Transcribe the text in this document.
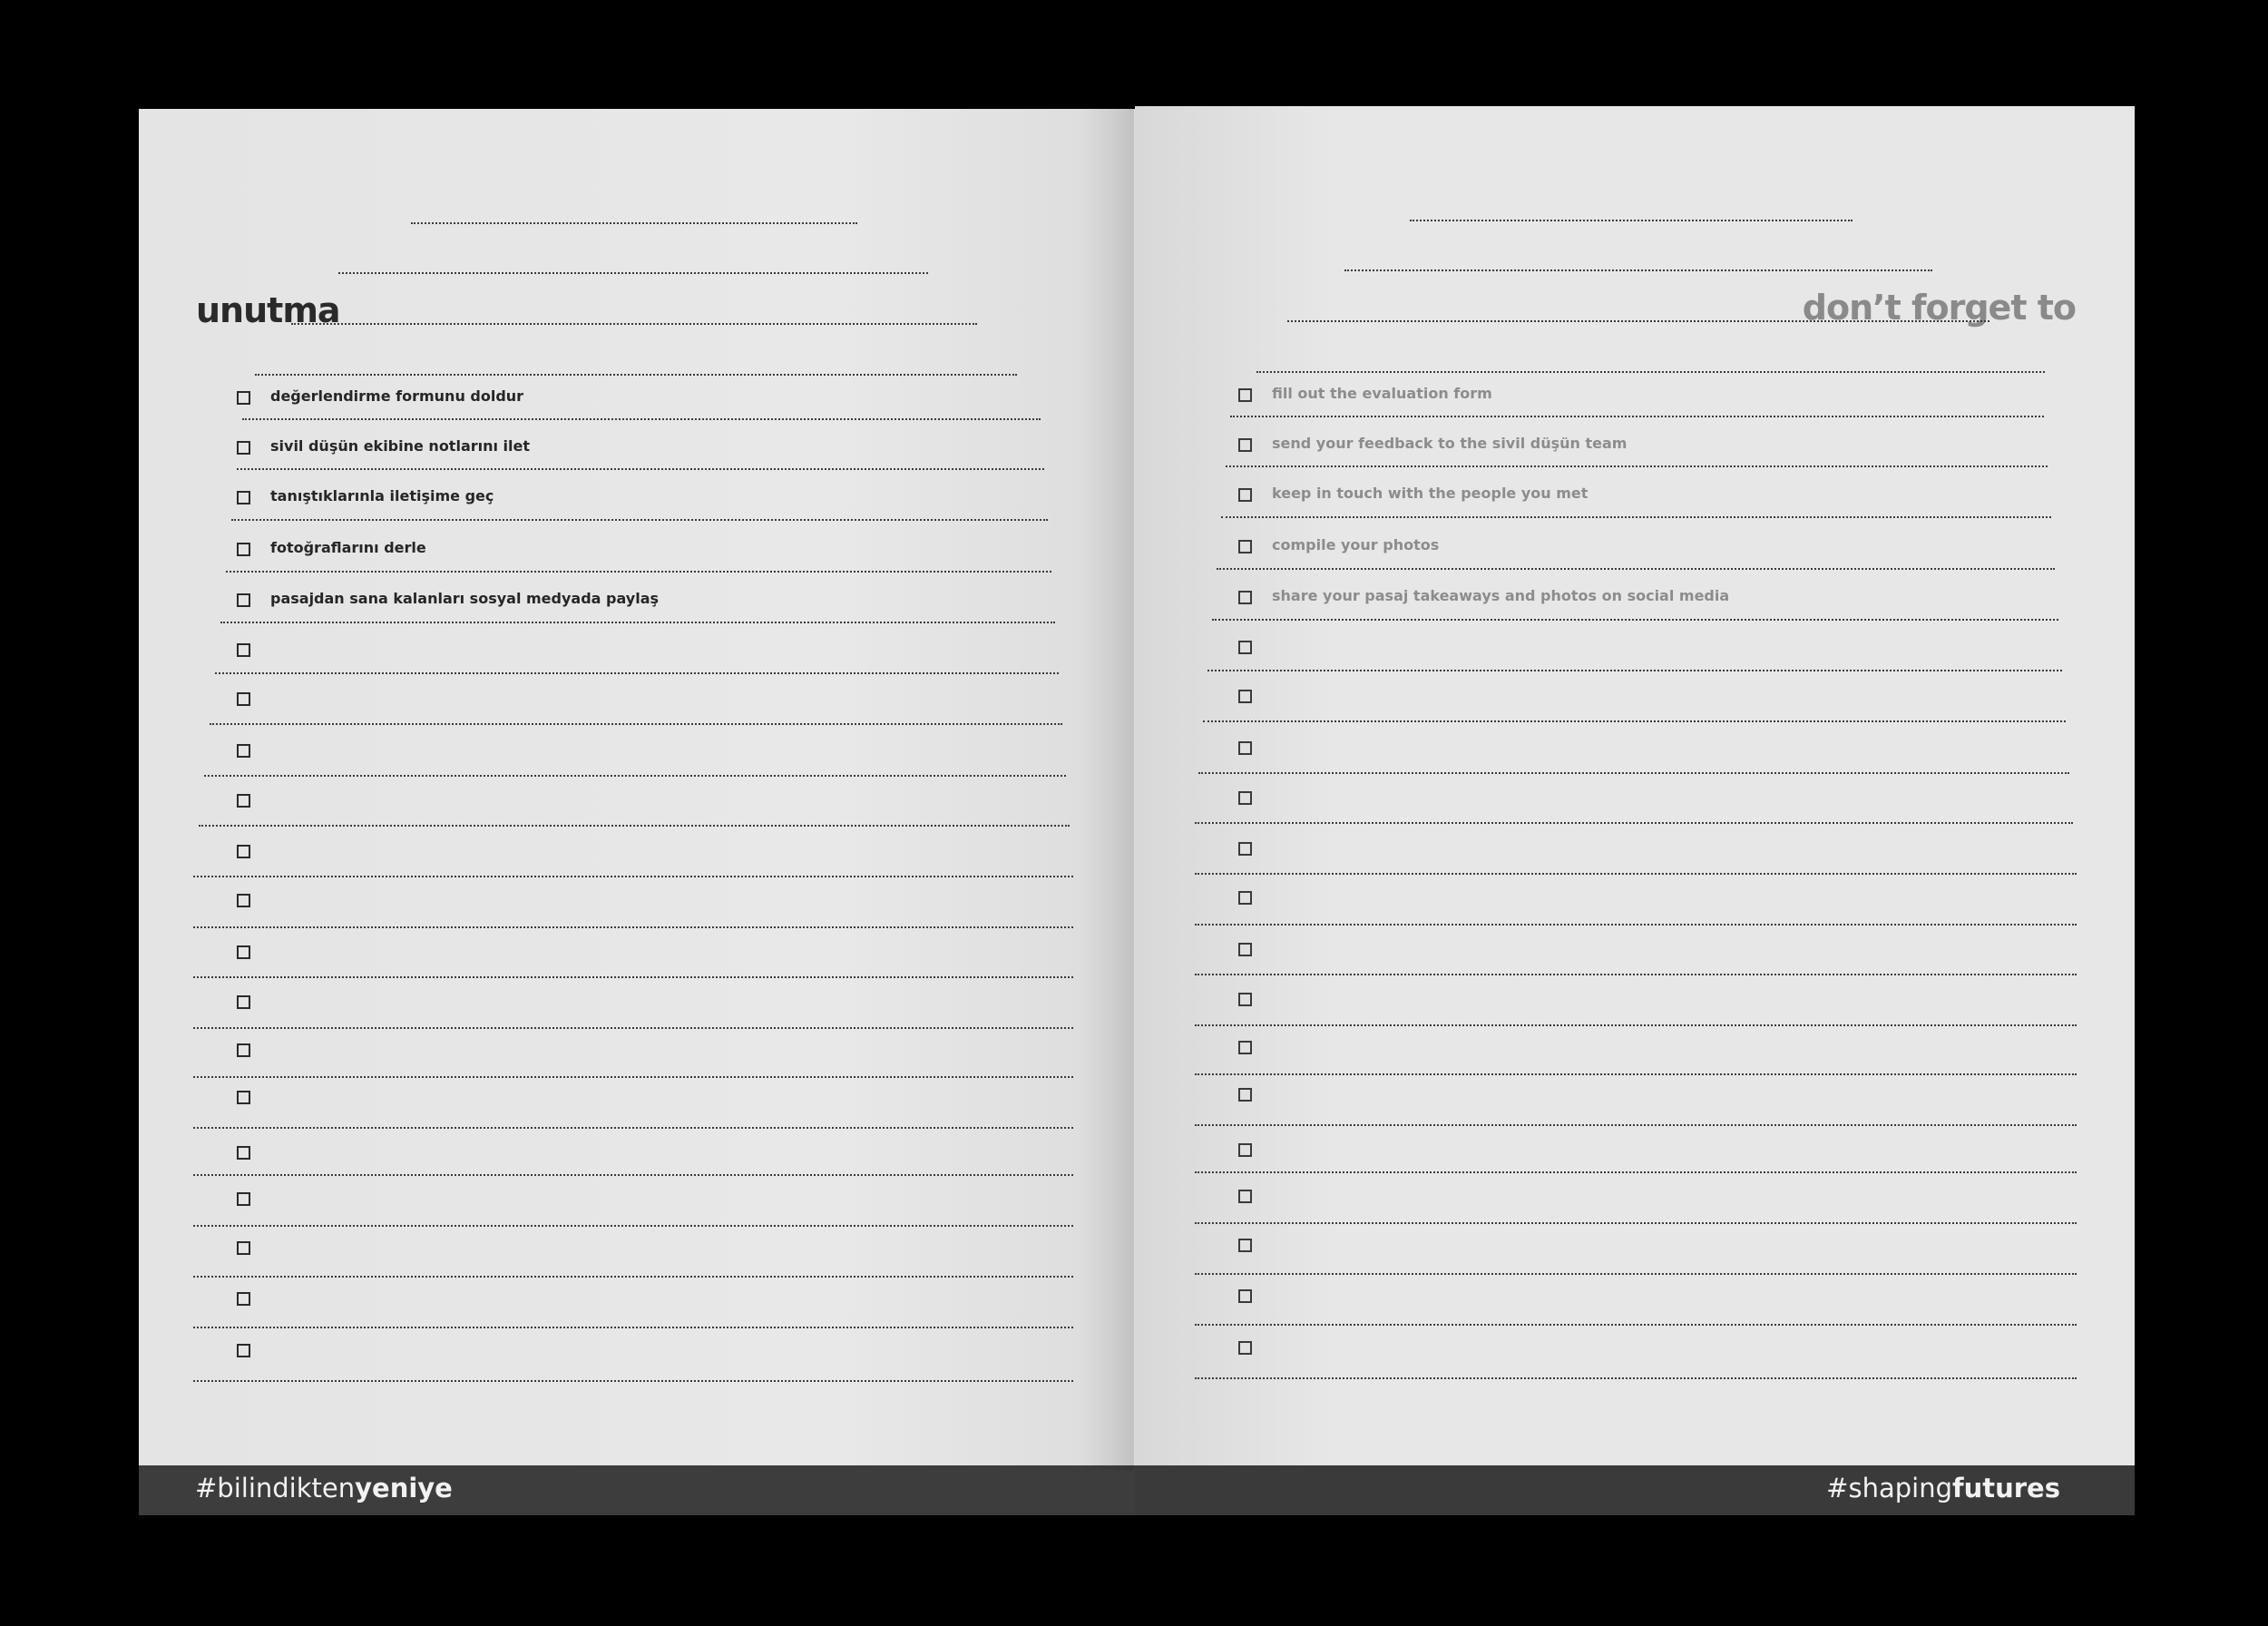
unutma
değerlendirme formunu doldur
sivil düşün ekibine notlarını ilet
tanıştıklarınla iletişime geç
fotoğraflarını derle
pasajdan sana kalanları sosyal medyada paylaş
#bilindiktenyeniye
don’t forget to
fill out the evaluation form
send your feedback to the sivil düşün team
keep in touch with the people you met
compile your photos
share your pasaj takeaways and photos on social media
#shapingfutures
